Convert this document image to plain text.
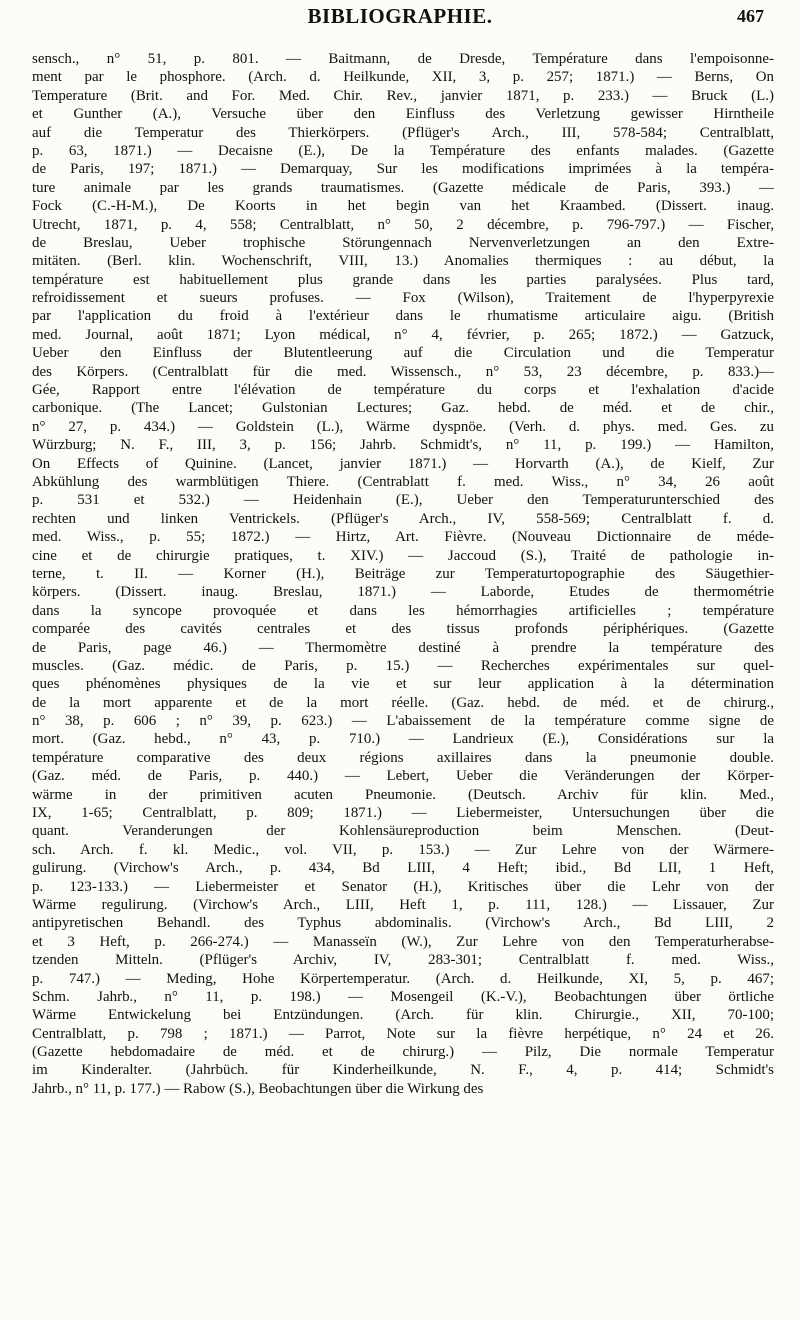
BIBLIOGRAPHIE.	467
sensch., n° 51, p. 801. — Baitmann, de Dresde, Température dans l'empoisonne-
ment par le phosphore. (Arch. d. Heilkunde, XII, 3, p. 257; 1871.) — Berns, On
Temperature (Brit. and For. Med. Chir. Rev., janvier 1871, p. 233.) — Bruck (L.)
et Gunther (A.), Versuche über den Einfluss des Verletzung gewisser Hirntheile
auf die Temperatur des Thierkörpers. (Pflüger's Arch., III, 578-584; Centralblatt,
p. 63, 1871.) — Decaisne (E.), De la Température des enfants malades. (Gazette
de Paris, 197; 1871.) — Demarquay, Sur les modifications imprimées à la tempéra-
ture animale par les grands traumatismes. (Gazette médicale de Paris, 393.) —
Fock (C.-H-M.), De Koorts in het begin van het Kraambed. (Dissert. inaug.
Utrecht, 1871, p. 4, 558; Centralblatt, n° 50, 2 décembre, p. 796-797.) — Fischer,
de Breslau, Ueber trophische Störungennach Nervenverletzungen an den Extre-
mitäten. (Berl. klin. Wochenschrift, VIII, 13.) Anomalies thermiques : au début, la
température est habituellement plus grande dans les parties paralysées. Plus tard,
refroidissement et sueurs profuses. — Fox (Wilson), Traitement de l'hyperpyrexie
par l'application du froid à l'extérieur dans le rhumatisme articulaire aigu. (British
med. Journal, août 1871; Lyon médical, n° 4, février, p. 265; 1872.) — Gatzuck,
Ueber den Einfluss der Blutentleerung auf die Circulation und die Temperatur
des Körpers. (Centralblatt für die med. Wissensch., n° 53, 23 décembre, p. 833.)—
Gée, Rapport entre l'élévation de température du corps et l'exhalation d'acide
carbonique. (The Lancet; Gulstonian Lectures; Gaz. hebd. de méd. et de chir.,
n° 27, p. 434.) — Goldstein (L.), Wärme dyspnöe. (Verh. d. phys. med. Ges. zu
Würzburg; N. F., III, 3, p. 156; Jahrb. Schmidt's, n° 11, p. 199.) — Hamilton,
On Effects of Quinine. (Lancet, janvier 1871.) — Horvarth (A.), de Kielf, Zur
Abkühlung des warmblütigen Thiere. (Centrablatt f. med. Wiss., n° 34, 26 août
p. 531 et 532.) — Heidenhain (E.), Ueber den Temperaturunterschied des
rechten und linken Ventrickels. (Pflüger's Arch., IV, 558-569; Centralblatt f. d.
med. Wiss., p. 55; 1872.) — Hirtz, Art. Fièvre. (Nouveau Dictionnaire de méde-
cine et de chirurgie pratiques, t. XIV.) — Jaccoud (S.), Traité de pathologie in-
terne, t. II. — Korner (H.), Beiträge zur Temperaturtopographie des Säugethier-
körpers. (Dissert. inaug. Breslau, 1871.) — Laborde, Etudes de thermométrie
dans la syncope provoquée et dans les hémorrhagies artificielles ; température
comparée des cavités centrales et des tissus profonds périphériques. (Gazette
de Paris, page 46.) — Thermomètre destiné à prendre la température des
muscles. (Gaz. médic. de Paris, p. 15.) — Recherches expérimentales sur quel-
ques phénomènes physiques de la vie et sur leur application à la détermination
de la mort apparente et de la mort réelle. (Gaz. hebd. de méd. et de chirurg.,
n° 38, p. 606 ; n° 39, p. 623.) — L'abaissement de la température comme signe de
mort. (Gaz. hebd., n° 43, p. 710.) — Landrieux (E.), Considérations sur la
température comparative des deux régions axillaires dans la pneumonie double.
(Gaz. méd. de Paris, p. 440.) — Lebert, Ueber die Veränderungen der Körper-
wärme in der primitiven acuten Pneumonie. (Deutsch. Archiv für klin. Med.,
IX, 1-65; Centralblatt, p. 809; 1871.) — Liebermeister, Untersuchungen über die
quant. Veranderungen der Kohlensäureproduction beim Menschen. (Deut-
sch. Arch. f. kl. Medic., vol. VII, p. 153.) — Zur Lehre von der Wärmere-
gulirung. (Virchow's Arch., p. 434, Bd LIII, 4 Heft; ibid., Bd LII, 1 Heft,
p. 123-133.) — Liebermeister et Senator (H.), Kritisches über die Lehr von der
Wärme regulirung. (Virchow's Arch., LIII, Heft 1, p. 111, 128.) — Lissauer, Zur
antipyretischen Behandl. des Typhus abdominalis. (Virchow's Arch., Bd LIII, 2
et 3 Heft, p. 266-274.) — Manasseïn (W.), Zur Lehre von den Temperaturherabse-
tzenden Mitteln. (Pflüger's Archiv, IV, 283-301; Centralblatt f. med. Wiss.,
p. 747.) — Meding, Hohe Körpertemperatur. (Arch. d. Heilkunde, XI, 5, p. 467;
Schm. Jahrb., n° 11, p. 198.) — Mosengeil (K.-V.), Beobachtungen über örtliche
Wärme Entwickelung bei Entzündungen. (Arch. für klin. Chirurgie., XII, 70-100;
Centralblatt, p. 798 ; 1871.) — Parrot, Note sur la fièvre herpétique, n° 24 et 26.
(Gazette hebdomadaire de méd. et de chirurg.) — Pilz, Die normale Temperatur
im Kinderalter. (Jahrbüch. für Kinderheilkunde, N. F., 4, p. 414; Schmidt's
Jahrb., n° 11, p. 177.) — Rabow (S.), Beobachtungen über die Wirkung des
